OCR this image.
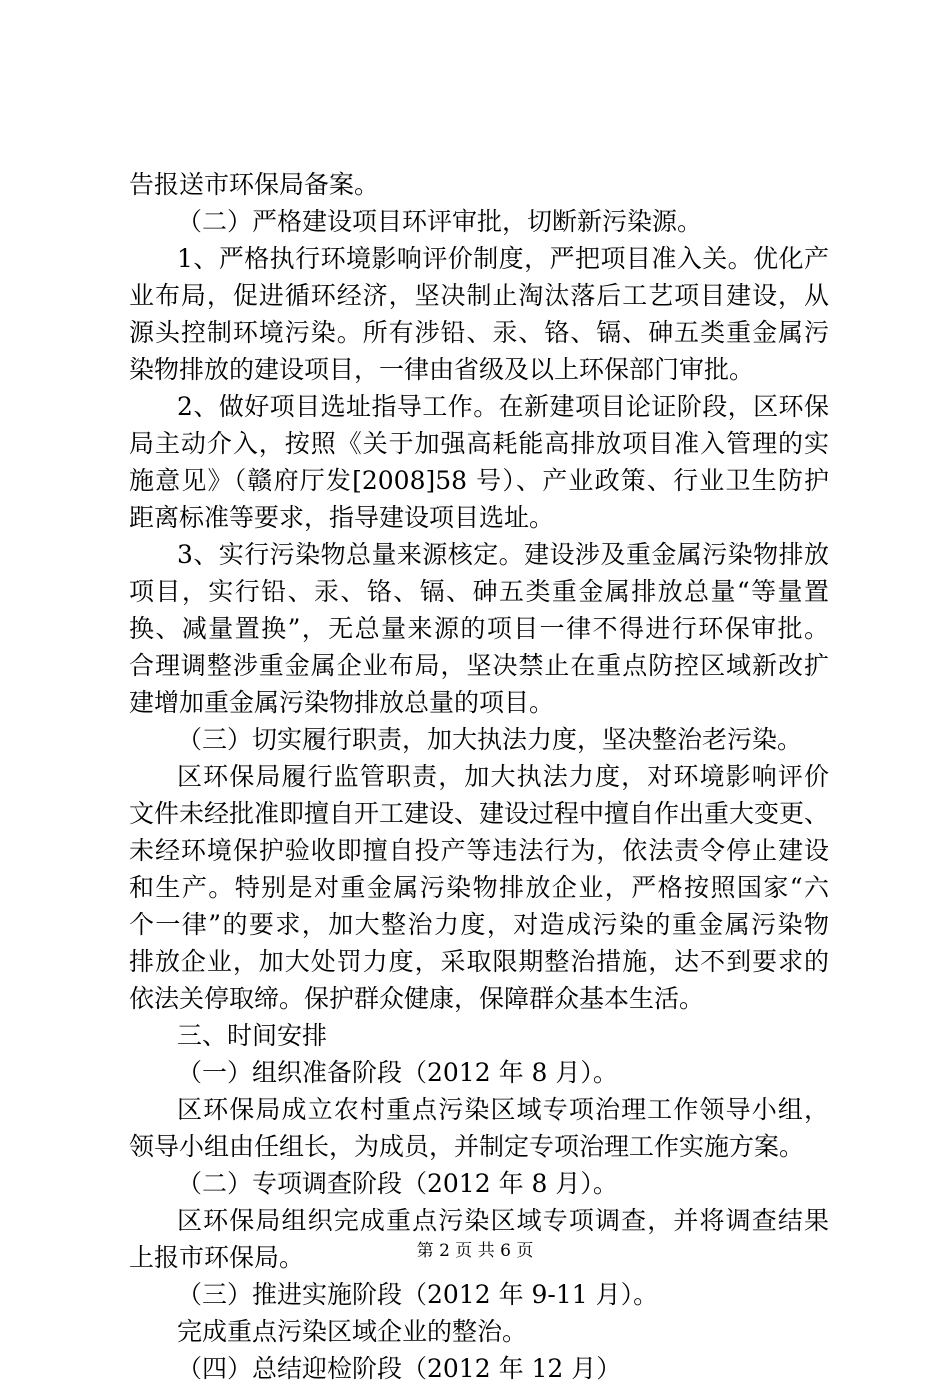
告报送市环保局备案。
（二）严格建设项目环评审批，切断新污染源。
1、严格执行环境影响评价制度，严把项目准入关。优化产
业布局，促进循环经济，坚决制止淘汰落后工艺项目建设，从
源头控制环境污染。所有涉铅、汞、铬、镉、砷五类重金属污
染物排放的建设项目，一律由省级及以上环保部门审批。
2、做好项目选址指导工作。在新建项目论证阶段，区环保
局主动介入，按照《关于加强高耗能高排放项目准入管理的实
施意见》（赣府厅发[2008]58 号）、产业政策、行业卫生防护
距离标准等要求，指导建设项目选址。
3、实行污染物总量来源核定。建设涉及重金属污染物排放
项目，实行铅、汞、铬、镉、砷五类重金属排放总量“等量置
换、减量置换”，无总量来源的项目一律不得进行环保审批。
合理调整涉重金属企业布局，坚决禁止在重点防控区域新改扩
建增加重金属污染物排放总量的项目。
（三）切实履行职责，加大执法力度，坚决整治老污染。
区环保局履行监管职责，加大执法力度，对环境影响评价
文件未经批准即擅自开工建设、建设过程中擅自作出重大变更、
未经环境保护验收即擅自投产等违法行为，依法责令停止建设
和生产。特别是对重金属污染物排放企业，严格按照国家“六
个一律”的要求，加大整治力度，对造成污染的重金属污染物
排放企业，加大处罚力度，采取限期整治措施，达不到要求的
依法关停取缔。保护群众健康，保障群众基本生活。
三、时间安排
（一）组织准备阶段（2012 年 8 月）。
区环保局成立农村重点污染区域专项治理工作领导小组，
领导小组由任组长，为成员，并制定专项治理工作实施方案。
（二）专项调查阶段（2012 年 8 月）。
区环保局组织完成重点污染区域专项调查，并将调查结果
上报市环保局。
（三）推进实施阶段（2012 年 9-11 月）。
完成重点污染区域企业的整治。
（四）总结迎检阶段（2012 年 12 月）
第 2 页 共 6 页
